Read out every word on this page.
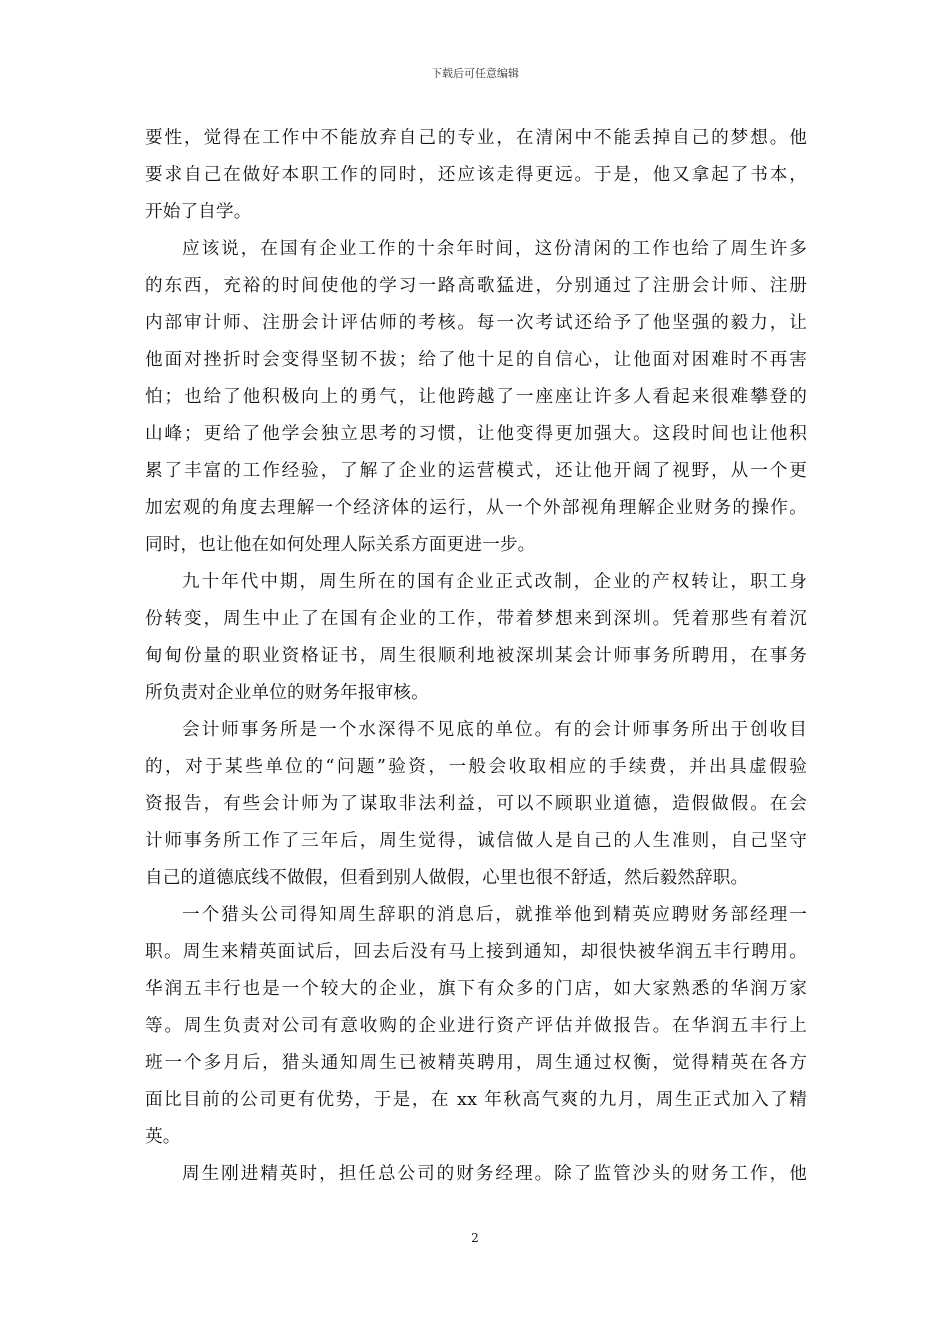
下载后可任意编辑
要性，觉得在工作中不能放弃自己的专业，在清闲中不能丢掉自己的梦想。他
要求自己在做好本职工作的同时，还应该走得更远。于是，他又拿起了书本，
开始了自学。
应该说，在国有企业工作的十余年时间，这份清闲的工作也给了周生许多
的东西，充裕的时间使他的学习一路高歌猛进，分别通过了注册会计师、注册
内部审计师、注册会计评估师的考核。每一次考试还给予了他坚强的毅力，让
他面对挫折时会变得坚韧不拔；给了他十足的自信心，让他面对困难时不再害
怕；也给了他积极向上的勇气，让他跨越了一座座让许多人看起来很难攀登的
山峰；更给了他学会独立思考的习惯，让他变得更加强大。这段时间也让他积
累了丰富的工作经验，了解了企业的运营模式，还让他开阔了视野，从一个更
加宏观的角度去理解一个经济体的运行，从一个外部视角理解企业财务的操作。
同时，也让他在如何处理人际关系方面更进一步。
九十年代中期，周生所在的国有企业正式改制，企业的产权转让，职工身
份转变，周生中止了在国有企业的工作，带着梦想来到深圳。凭着那些有着沉
甸甸份量的职业资格证书，周生很顺利地被深圳某会计师事务所聘用，在事务
所负责对企业单位的财务年报审核。
会计师事务所是一个水深得不见底的单位。有的会计师事务所出于创收目
的，对于某些单位的“问题”验资，一般会收取相应的手续费，并出具虚假验
资报告，有些会计师为了谋取非法利益，可以不顾职业道德，造假做假。在会
计师事务所工作了三年后，周生觉得，诚信做人是自己的人生准则，自己坚守
自己的道德底线不做假，但看到别人做假，心里也很不舒适，然后毅然辞职。
一个猎头公司得知周生辞职的消息后，就推举他到精英应聘财务部经理一
职。周生来精英面试后，回去后没有马上接到通知，却很快被华润五丰行聘用。
华润五丰行也是一个较大的企业，旗下有众多的门店，如大家熟悉的华润万家
等。周生负责对公司有意收购的企业进行资产评估并做报告。在华润五丰行上
班一个多月后，猎头通知周生已被精英聘用，周生通过权衡，觉得精英在各方
面比目前的公司更有优势，于是，在 xx 年秋高气爽的九月，周生正式加入了精
英。
周生刚进精英时，担任总公司的财务经理。除了监管沙头的财务工作，他
2
